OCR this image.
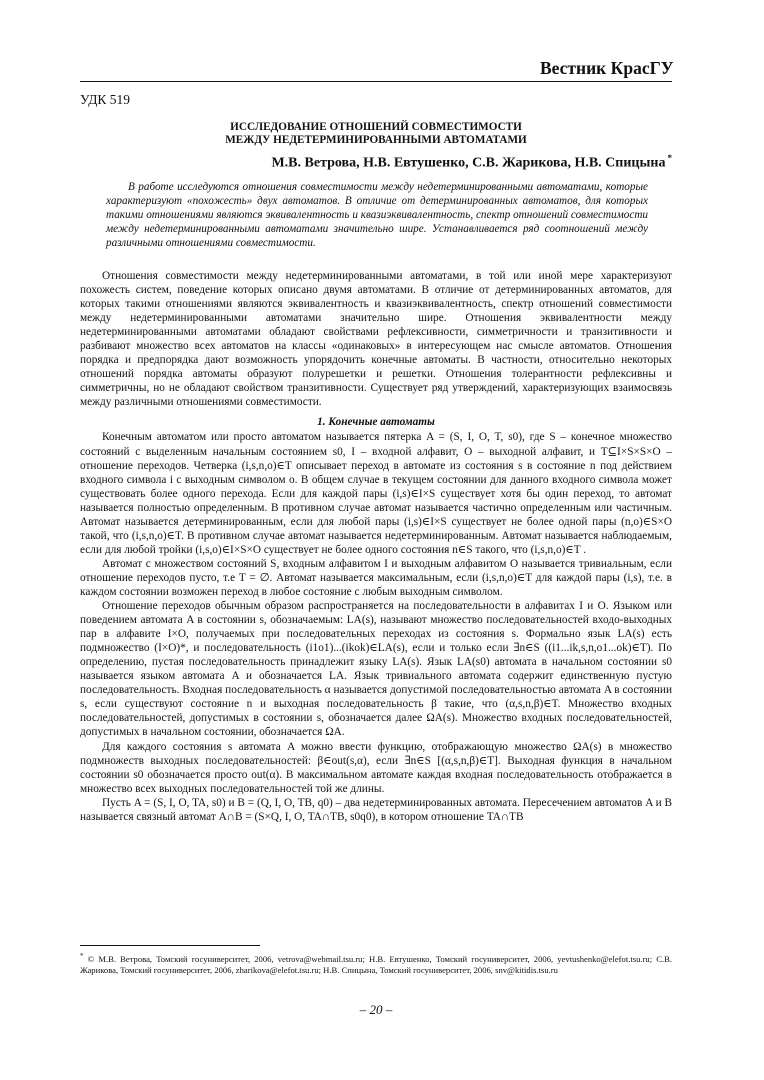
Вестник КрасГУ
УДК 519
ИССЛЕДОВАНИЕ ОТНОШЕНИЙ СОВМЕСТИМОСТИ
МЕЖДУ НЕДЕТЕРМИНИРОВАННЫМИ АВТОМАТАМИ
М.В. Ветрова, Н.В. Евтушенко, С.В. Жарикова, Н.В. Спицына *

В работе исследуются отношения совместимости между недетерминированными автоматами, которые характеризуют «похожесть» двух автоматов. В отличие от детерминированных автоматов, для которых такими отношениями являются эквивалентность и квазиэквивалентность, спектр отношений совместимости между недетерминированными автоматами значительно шире. Устанавливается ряд соотношений между различными отношениями совместимости.

Отношения совместимости между недетерминированными автоматами, в той или иной мере характеризуют похожесть систем, поведение которых описано двумя автоматами. В отличие от детерминированных автоматов, для которых такими отношениями являются эквивалентность и квазиэквивалентность, спектр отношений совместимости между недетерминированными автоматами значительно шире. Отношения эквивалентности между недетерминированными автоматами обладают свойствами рефлексивности, симметричности и транзитивности и разбивают множество всех автоматов на классы «одинаковых» в интересующем нас смысле автоматов. Отношения порядка и предпорядка дают возможность упорядочить конечные автоматы. В частности, относительно некоторых отношений порядка автоматы образуют полурешетки и решетки. Отношения толерантности рефлексивны и симметричны, но не обладают свойством транзитивности. Существует ряд утверждений, характеризующих взаимосвязь между различными отношениями совместимости.

1. Конечные автоматы

Конечным автоматом или просто автоматом называется пятерка A = (S, I, O, T, s0), где S – конечное множество состояний с выделенным начальным состоянием s0, I – входной алфавит, O – выходной алфавит, и T⊆I×S×S×O – отношение переходов. Четверка (i,s,n,o)∈T описывает переход в автомате из состояния s в состояние n под действием входного символа i с выходным символом o. В общем случае в текущем состоянии для данного входного символа может существовать более одного перехода. Если для каждой пары (i,s)∈I×S существует хотя бы один переход, то автомат называется полностью определенным. В противном случае автомат называется частично определенным или частичным. Автомат называется детерминированным, если для любой пары (i,s)∈I×S существует не более одной пары (n,o)∈S×O такой, что (i,s,n,o)∈T. В противном случае автомат называется недетерминированным. Автомат называется наблюдаемым, если для любой тройки (i,s,o)∈I×S×O существует не более одного состояния n∈S такого, что (i,s,n,o)∈T .

Автомат с множеством состояний S, входным алфавитом I и выходным алфавитом O называется тривиальным, если отношение переходов пусто, т.е T = ∅. Автомат называется максимальным, если (i,s,n,o)∈T для каждой пары (i,s), т.е. в каждом состоянии возможен переход в любое состояние с любым выходным символом.

Отношение переходов обычным образом распространяется на последовательности в алфавитах I и O. Языком или поведением автомата A в состоянии s, обозначаемым: LA(s), называют множество последовательностей входо-выходных пар в алфавите I×O, получаемых при последовательных переходах из состояния s. Формально язык LA(s) есть подмножество (I×O)*, и последовательность (i1o1)...(ikok)∈LA(s), если и только если ∃n∈S ((i1...ik,s,n,o1...ok)∈T). По определению, пустая последовательность принадлежит языку LA(s). Язык LA(s0) автомата в начальном состоянии s0 называется языком автомата A и обозначается LA. Язык тривиального автомата содержит единственную пустую последовательность. Входная последовательность α называется допустимой последовательностью автомата A в состоянии s, если существуют состояние n и выходная последовательность β такие, что (α,s,n,β)∈T. Множество входных последовательностей, допустимых в состоянии s, обозначается далее ΩA(s). Множество входных последовательностей, допустимых в начальном состоянии, обозначается ΩA.

Для каждого состояния s автомата A можно ввести функцию, отображающую множество ΩA(s) в множество подмножеств выходных последовательностей: β∈out(s,α), если ∃n∈S [(α,s,n,β)∈T]. Выходная функция в начальном состоянии s0 обозначается просто out(α). В максимальном автомате каждая входная последовательность отображается в множество всех выходных последовательностей той же длины.

Пусть A = (S, I, O, TA, s0) и B = (Q, I, O, TB, q0) – два недетерминированных автомата. Пересечением автоматов A и B называется связный автомат A∩B = (S×Q, I, O, TA∩TB, s0q0), в котором отношение TA∩TB

* © М.В. Ветрова, Томский госуниверситет, 2006, vetrova@webmail.tsu.ru; Н.В. Евтушенко, Томский госуниверситет, 2006, yevtushenko@elefot.tsu.ru; С.В. Жарикова, Томский госуниверситет, 2006, zharikova@elefot.tsu.ru; Н.В. Спицына, Томский госуниверситет, 2006, snv@kitidis.tsu.ru

– 20 –
